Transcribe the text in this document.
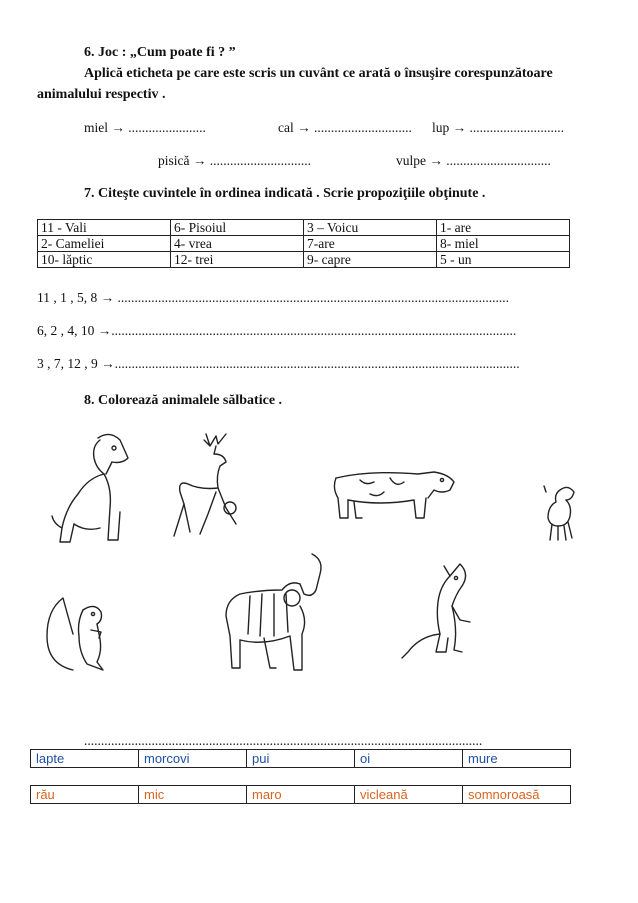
6. Joc : „Cum poate fi ? ”
Aplică eticheta pe care este scris un cuvânt ce arată o însuşire corespunzătoare
animalului respectiv .
miel → .......................	cal → ............................. lup → ............................
pisică → ..............................	vulpe → ...............................
7. Citeşte cuvintele în ordinea indicată . Scrie propoziţiile obţinute .
11 - Vali	6- Pisoiul	3 – Voicu	1- are
2- Cameliei	4- vrea	7-are	8- miel
10- lăptic	12- trei	9- capre	5 - un
11 , 1 , 5, 8 → ....................................................................................................................
6, 2 , 4, 10 →........................................................................................................................
3 , 7, 12 , 9 →........................................................................................................................
8. Colorează animalele sălbatice .
......................................................................................................................
lapte	morcovi	pui	oi	mure
rău	mic	maro	vicleană	somnoroasă
